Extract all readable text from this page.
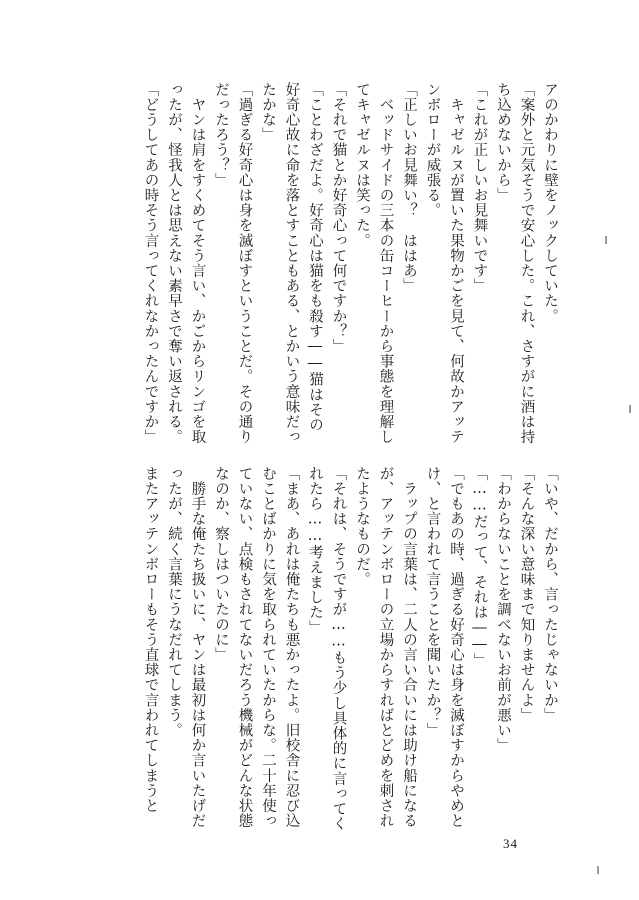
アのかわりに壁をノックしていた。
「案外と元気そうで安心した。これ、さすがに酒は持
ち込めないから」
「これが正しいお見舞いです」
　キャゼルヌが置いた果物かごを見て、何故かアッテ
ンボローが威張る。
「正しいお見舞い？　ははあ」
　ベッドサイドの三本の缶コーヒーから事態を理解し
てキャゼルヌは笑った。
「それで猫とか好奇心って何ですか？」
「ことわざだよ。好奇心は猫をも殺す――猫はその
好奇心故に命を落とすこともある、とかいう意味だっ
たかな」
「過ぎる好奇心は身を滅ぼすということだ。その通り
だったろう？」
　ヤンは肩をすくめてそう言い、かごからリンゴを取
ったが、怪我人とは思えない素早さで奪い返される。
「どうしてあの時そう言ってくれなかったんですか」
「いや、だから、言ったじゃないか」
「そんな深い意味まで知りませんよ」
「わからないことを調べないお前が悪い」
「……だって、それは――」
「でもあの時、過ぎる好奇心は身を滅ぼすからやめと
け、と言われて言うことを聞いたか？」
　ラップの言葉は、二人の言い合いには助け船になる
が、アッテンボローの立場からすればとどめを刺され
たようなものだ。
「それは、そうですが……もう少し具体的に言ってく
れたら……考えました」
「まあ、あれは俺たちも悪かったよ。旧校舎に忍び込
むことばかりに気を取られていたからな。二十年使っ
ていない、点検もされてないだろう機械がどんな状態
なのか、察しはついたのに」
　勝手な俺たち扱いに、ヤンは最初は何か言いたげだ
ったが、続く言葉にうなだれてしまう。
またアッテンボローもそう直球で言われてしまうと
34
